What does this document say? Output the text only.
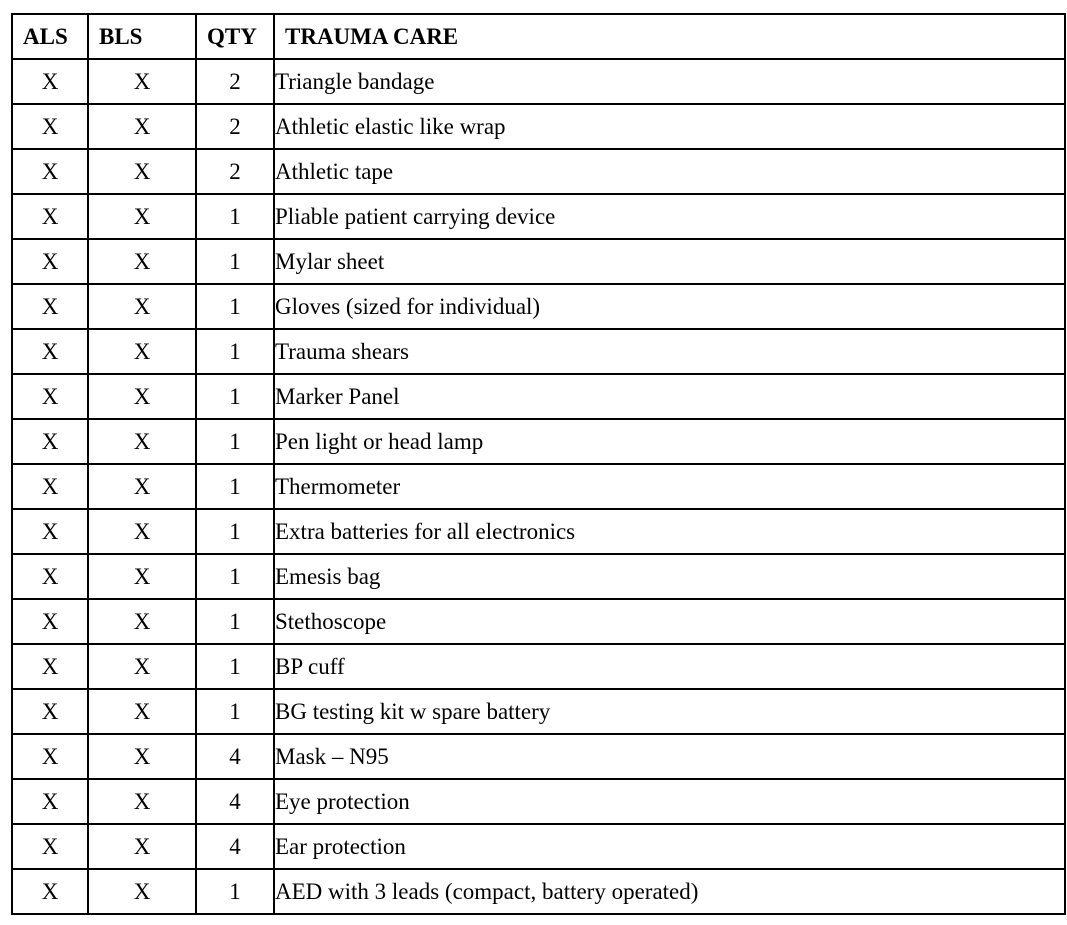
ALS	BLS	QTY	TRAUMA CARE
X	X	2	Triangle bandage
X	X	2	Athletic elastic like wrap
X	X	2	Athletic tape
X	X	1	Pliable patient carrying device
X	X	1	Mylar sheet
X	X	1	Gloves (sized for individual)
X	X	1	Trauma shears
X	X	1	Marker Panel
X	X	1	Pen light or head lamp
X	X	1	Thermometer
X	X	1	Extra batteries for all electronics
X	X	1	Emesis bag
X	X	1	Stethoscope
X	X	1	BP cuff
X	X	1	BG testing kit w spare battery
X	X	4	Mask – N95
X	X	4	Eye protection
X	X	4	Ear protection
X	X	1	AED with 3 leads (compact, battery operated)
